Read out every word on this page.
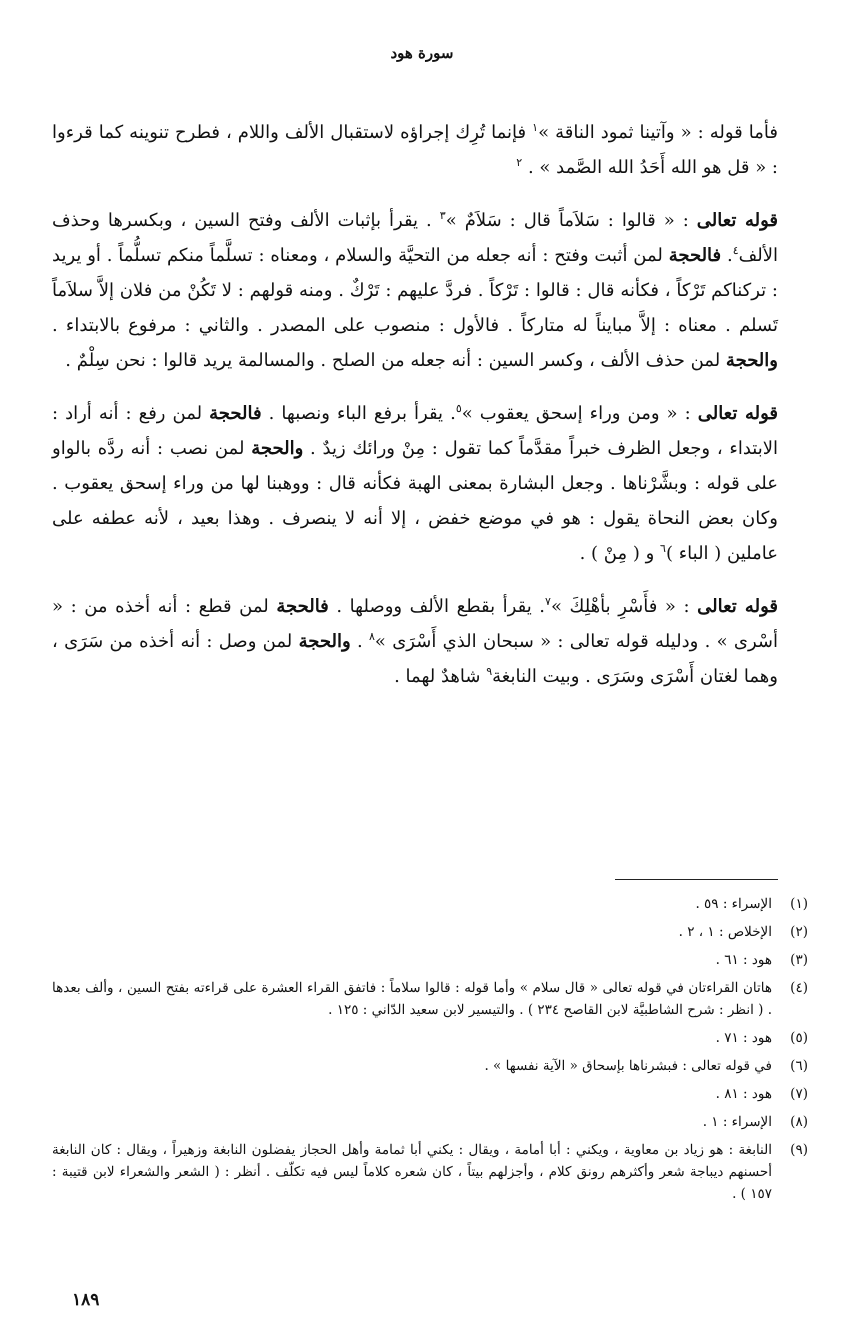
سورة هود

فأما قوله : « وآتينا ثمود الناقة »$^١$ فإنما تُرِك إجراؤه لاستقبال الألف واللام ، فطرح تنوينه كما قرءوا : « قل هو الله أَحَدُ الله الصَّمد » . $^٢$

قوله تعالى : « قالوا : سَلاَماً قال : سَلاَمٌ »$^٣$ . يقرأ بإثبات الألف وفتح السين ، وبكسرها وحذف الألف$^٤$. فالحجة لمن أثبت وفتح : أنه جعله من التحيَّة والسلام ، ومعناه : تسلَّماً منكم تسلُّماً . أو يريد : تركناكم تَرْكاً ، فكأنه قال : قالوا : تَرْكاً . فردَّ عليهم : تَرْكٌ . ومنه قولهم : لا تَكُنْ من فلان إلاَّ سلاَماً تَسلم . معناه : إلاَّ مبايناً له متاركاً . فالأول : منصوب على المصدر . والثاني : مرفوع بالابتداء . والحجة لمن حذف الألف ، وكسر السين : أنه جعله من الصلح . والمسالمة يريد قالوا : نحن سِلْمٌ .

قوله تعالى : « ومن وراء إسحق يعقوب »$^٥$. يقرأ برفع الباء ونصبها . فالحجة لمن رفع : أنه أراد : الابتداء ، وجعل الظرف خبراً مقدَّماً كما تقول : مِنْ ورائك زيدٌ . والحجة لمن نصب : أنه ردَّه بالواو على قوله : وبشَّرْناها . وجعل البشارة بمعنى الهبة فكأنه قال : ووهبنا لها من وراء إسحق يعقوب . وكان بعض النحاة يقول : هو في موضع خفض ، إلا أنه لا ينصرف . وهذا بعيد ، لأنه عطفه على عاملين ( الباء )$^٦$ و ( مِنْ ) .

قوله تعالى : « فأَسْرِ بأهْلِكَ »$^٧$. يقرأ بقطع الألف ووصلها . فالحجة لمن قطع : أنه أخذه من : « أسْرى » . ودليله قوله تعالى : « سبحان الذي أَسْرَى »$^٨$ . والحجة لمن وصل : أنه أخذه من سَرَى ، وهما لغتان أَسْرَى وسَرَى . وبيت النابغة$^٩$ شاهدٌ لهما .

(١)
الإسراء : ٥٩ .
(٢)
الإخلاص : ١ ، ٢ .
(٣)
هود : ٦١ .
(٤)
هاتان القراءتان في قوله تعالى « قال سلام » وأما قوله : قالوا سلاماً : فاتفق القراء العشرة على قراءته بفتح السين ، وألف بعدها . ( انظر : شرح الشاطبيَّة لابن القاصح ٢٣٤ ) . والتيسير لابن سعيد الدّاني : ١٢٥ .
(٥)
هود : ٧١ .
(٦)
في قوله تعالى : فبشرناها بإسحاق « الآية نفسها » .
(٧)
هود : ٨١ .
(٨)
الإسراء : ١ .
(٩)
النابغة : هو زياد بن معاوية ، ويكني : أبا أمامة ، ويقال : يكني أبا ثمامة وأهل الحجاز يفضلون النابغة وزهيراً ، ويقال : كان النابغة أحسنهم ديباجة شعر وأكثرهم رونق كلام ، وأجزلهم بيتاً ، كان شعره كلاماً ليس فيه تكلّف . أنظر : ( الشعر والشعراء لابن قتيبة : ١٥٧ ) .
١٨٩
